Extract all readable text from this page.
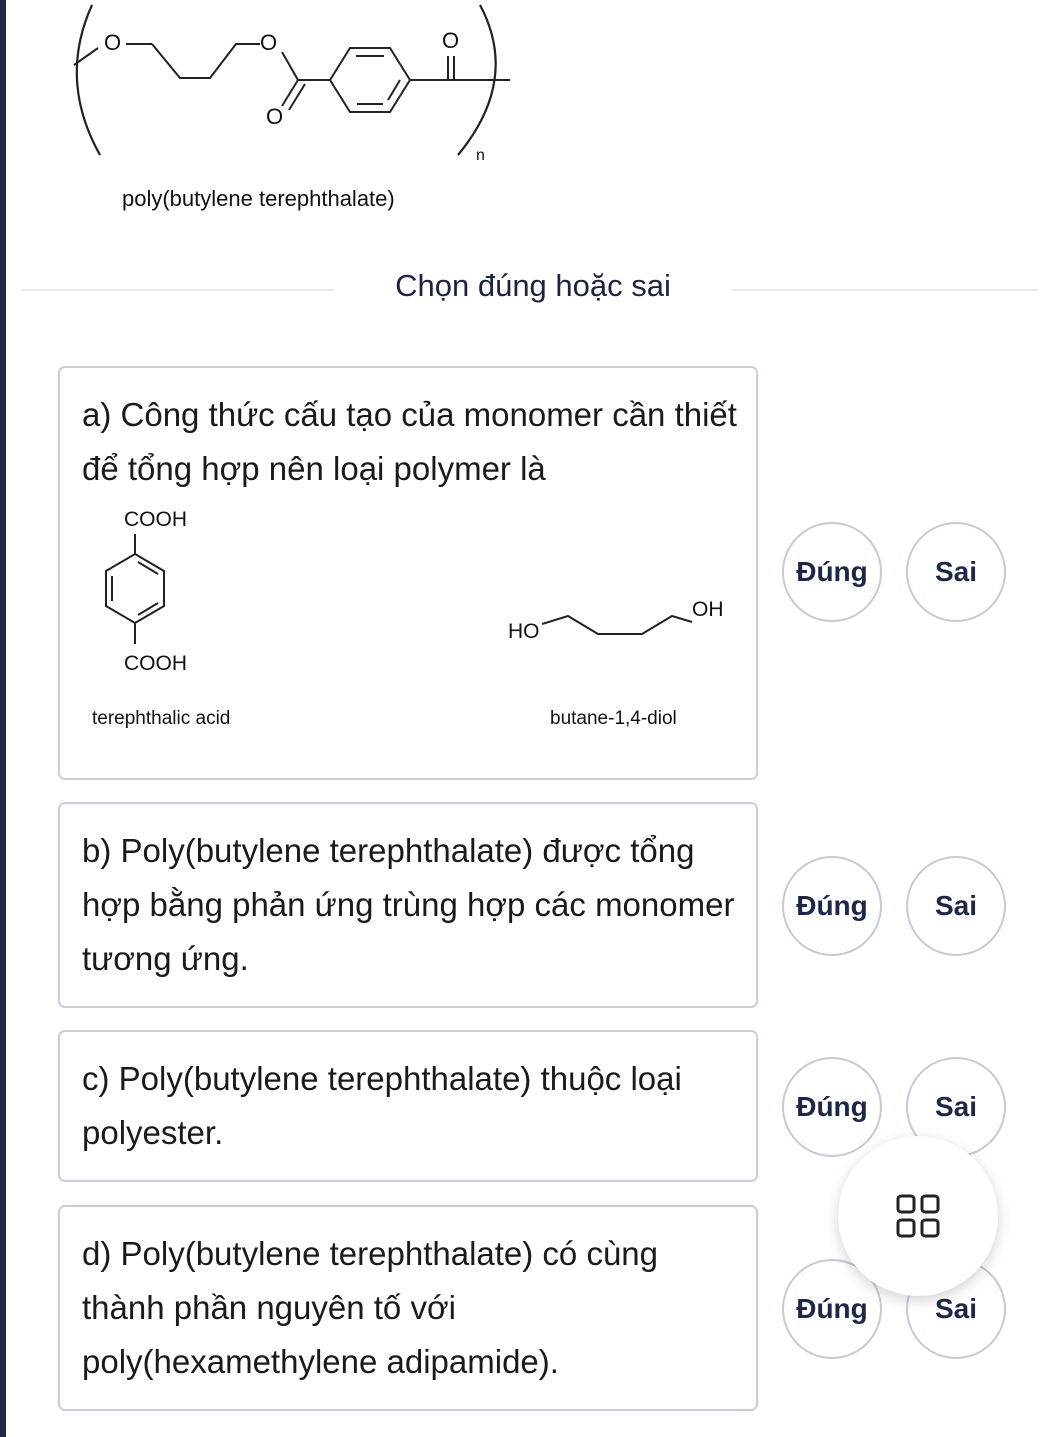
O	O
O
O
n
poly(butylene terephthalate)
Chọn đúng hoặc sai
a) Công thức cấu tạo của monomer cần thiết để tổng hợp nên loại polymer là
COOH
COOH
terephthalic acid
HO
OH
butane-1,4-diol
Đúng	Sai
b) Poly(butylene terephthalate) được tổng hợp bằng phản ứng trùng hợp các monomer tương ứng.
Đúng	Sai
c) Poly(butylene terephthalate) thuộc loại polyester.
Đúng	Sai
d) Poly(butylene terephthalate) có cùng thành phần nguyên tố với poly(hexamethylene adipamide).
Đúng	Sai
